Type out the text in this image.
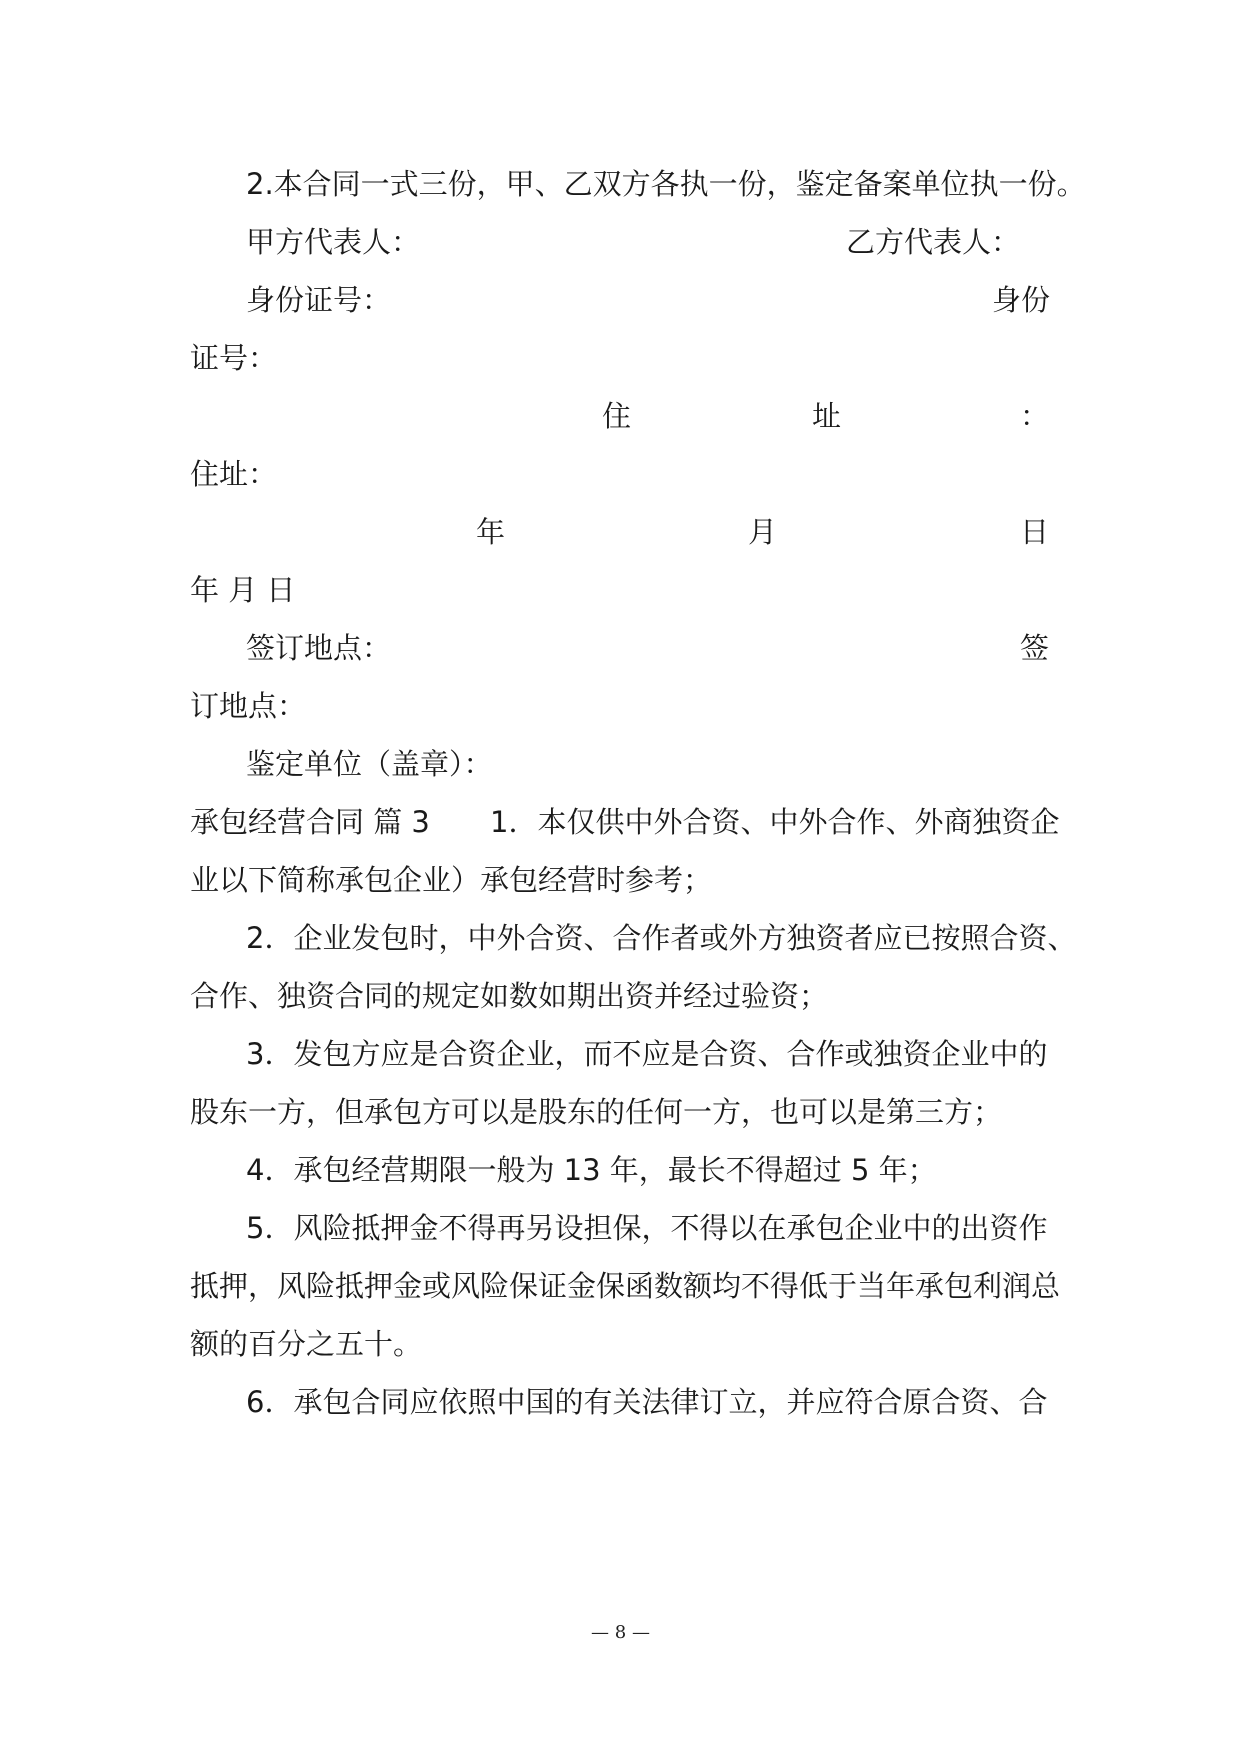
2.本合同一式三份，甲、乙双方各执一份，鉴定备案单位执一份。
甲方代表人：	乙方代表人：
身份证号：	身份
证号：
住	址	：
住址：
年	月	日
年 月 日
签订地点：	签
订地点：
鉴定单位（盖章）：
承包经营合同 篇 3 1．本仅供中外合资、中外合作、外商独资企
业以下简称承包企业）承包经营时参考；
2．企业发包时，中外合资、合作者或外方独资者应已按照合资、
合作、独资合同的规定如数如期出资并经过验资；
3．发包方应是合资企业，而不应是合资、合作或独资企业中的
股东一方，但承包方可以是股东的任何一方，也可以是第三方；
4．承包经营期限一般为 13 年，最长不得超过 5 年；
5．风险抵押金不得再另设担保，不得以在承包企业中的出资作
抵押，风险抵押金或风险保证金保函数额均不得低于当年承包利润总
额的百分之五十。
6．承包合同应依照中国的有关法律订立，并应符合原合资、合
— 8 —
